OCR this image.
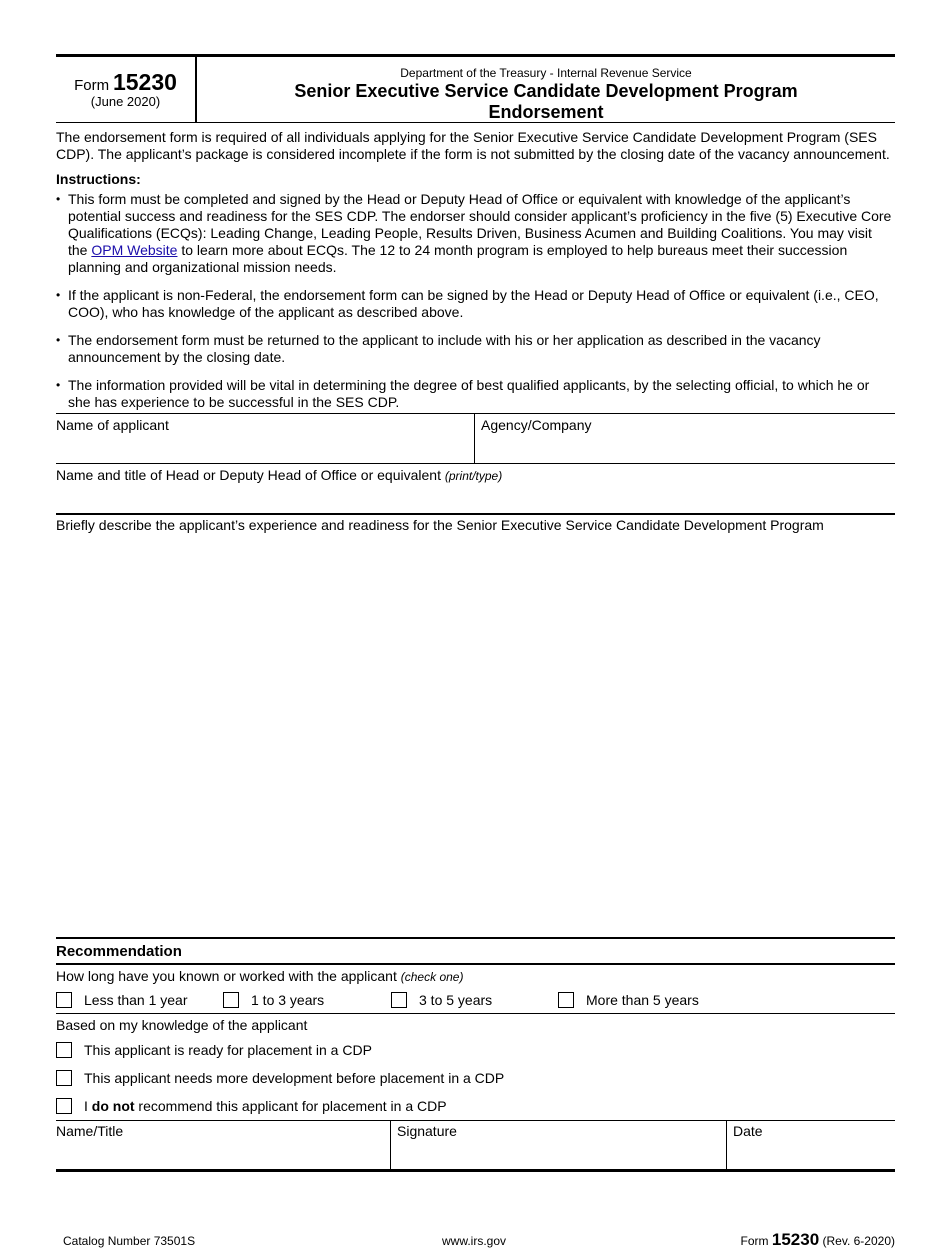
Form 15230
(June 2020)
Department of the Treasury - Internal Revenue Service
Senior Executive Service Candidate Development Program
Endorsement

The endorsement form is required of all individuals applying for the Senior Executive Service Candidate Development Program (SES CDP). The applicant’s package is considered incomplete if the form is not submitted by the closing date of the vacancy announcement.

Instructions:
• This form must be completed and signed by the Head or Deputy Head of Office or equivalent with knowledge of the applicant’s potential success and readiness for the SES CDP. The endorser should consider applicant’s proficiency in the five (5) Executive Core Qualifications (ECQs): Leading Change, Leading People, Results Driven, Business Acumen and Building Coalitions. You may visit the OPM Website to learn more about ECQs. The 12 to 24 month program is employed to help bureaus meet their succession planning and organizational mission needs.
• If the applicant is non-Federal, the endorsement form can be signed by the Head or Deputy Head of Office or equivalent (i.e., CEO, COO), who has knowledge of the applicant as described above.
• The endorsement form must be returned to the applicant to include with his or her application as described in the vacancy announcement by the closing date.
• The information provided will be vital in determining the degree of best qualified applicants, by the selecting official, to which he or she has experience to be successful in the SES CDP.
Name of applicant	Agency/Company
Name and title of Head or Deputy Head of Office or equivalent (print/type)
Briefly describe the applicant’s experience and readiness for the Senior Executive Service Candidate Development Program
Recommendation
How long have you known or worked with the applicant (check one)
Less than 1 year	1 to 3 years	3 to 5 years	More than 5 years
Based on my knowledge of the applicant
This applicant is ready for placement in a CDP
This applicant needs more development before placement in a CDP
I do not recommend this applicant for placement in a CDP
Name/Title	Signature	Date
Catalog Number 73501S	www.irs.gov	Form 15230 (Rev. 6-2020)
